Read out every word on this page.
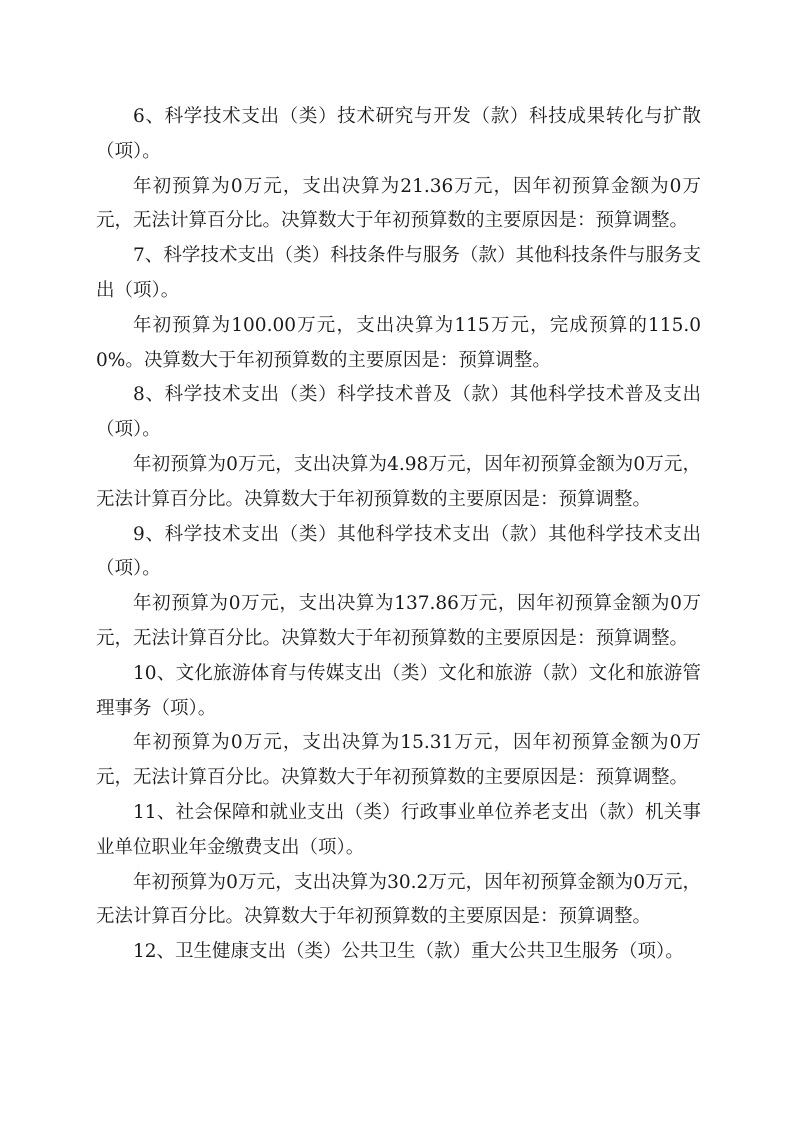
6、科学技术支出（类）技术研究与开发（款）科技成果转化与扩散（项）。

年初预算为0万元，支出决算为21.36万元，因年初预算金额为0万元，无法计算百分比。决算数大于年初预算数的主要原因是：预算调整。

7、科学技术支出（类）科技条件与服务（款）其他科技条件与服务支出（项）。

年初预算为100.00万元，支出决算为115万元，完成预算的115.00%。决算数大于年初预算数的主要原因是：预算调整。

8、科学技术支出（类）科学技术普及（款）其他科学技术普及支出（项）。

年初预算为0万元，支出决算为4.98万元，因年初预算金额为0万元，无法计算百分比。决算数大于年初预算数的主要原因是：预算调整。

9、科学技术支出（类）其他科学技术支出（款）其他科学技术支出（项）。

年初预算为0万元，支出决算为137.86万元，因年初预算金额为0万元，无法计算百分比。决算数大于年初预算数的主要原因是：预算调整。

10、文化旅游体育与传媒支出（类）文化和旅游（款）文化和旅游管理事务（项）。

年初预算为0万元，支出决算为15.31万元，因年初预算金额为0万元，无法计算百分比。决算数大于年初预算数的主要原因是：预算调整。

11、社会保障和就业支出（类）行政事业单位养老支出（款）机关事业单位职业年金缴费支出（项）。

年初预算为0万元，支出决算为30.2万元，因年初预算金额为0万元，无法计算百分比。决算数大于年初预算数的主要原因是：预算调整。

12、卫生健康支出（类）公共卫生（款）重大公共卫生服务（项）。
